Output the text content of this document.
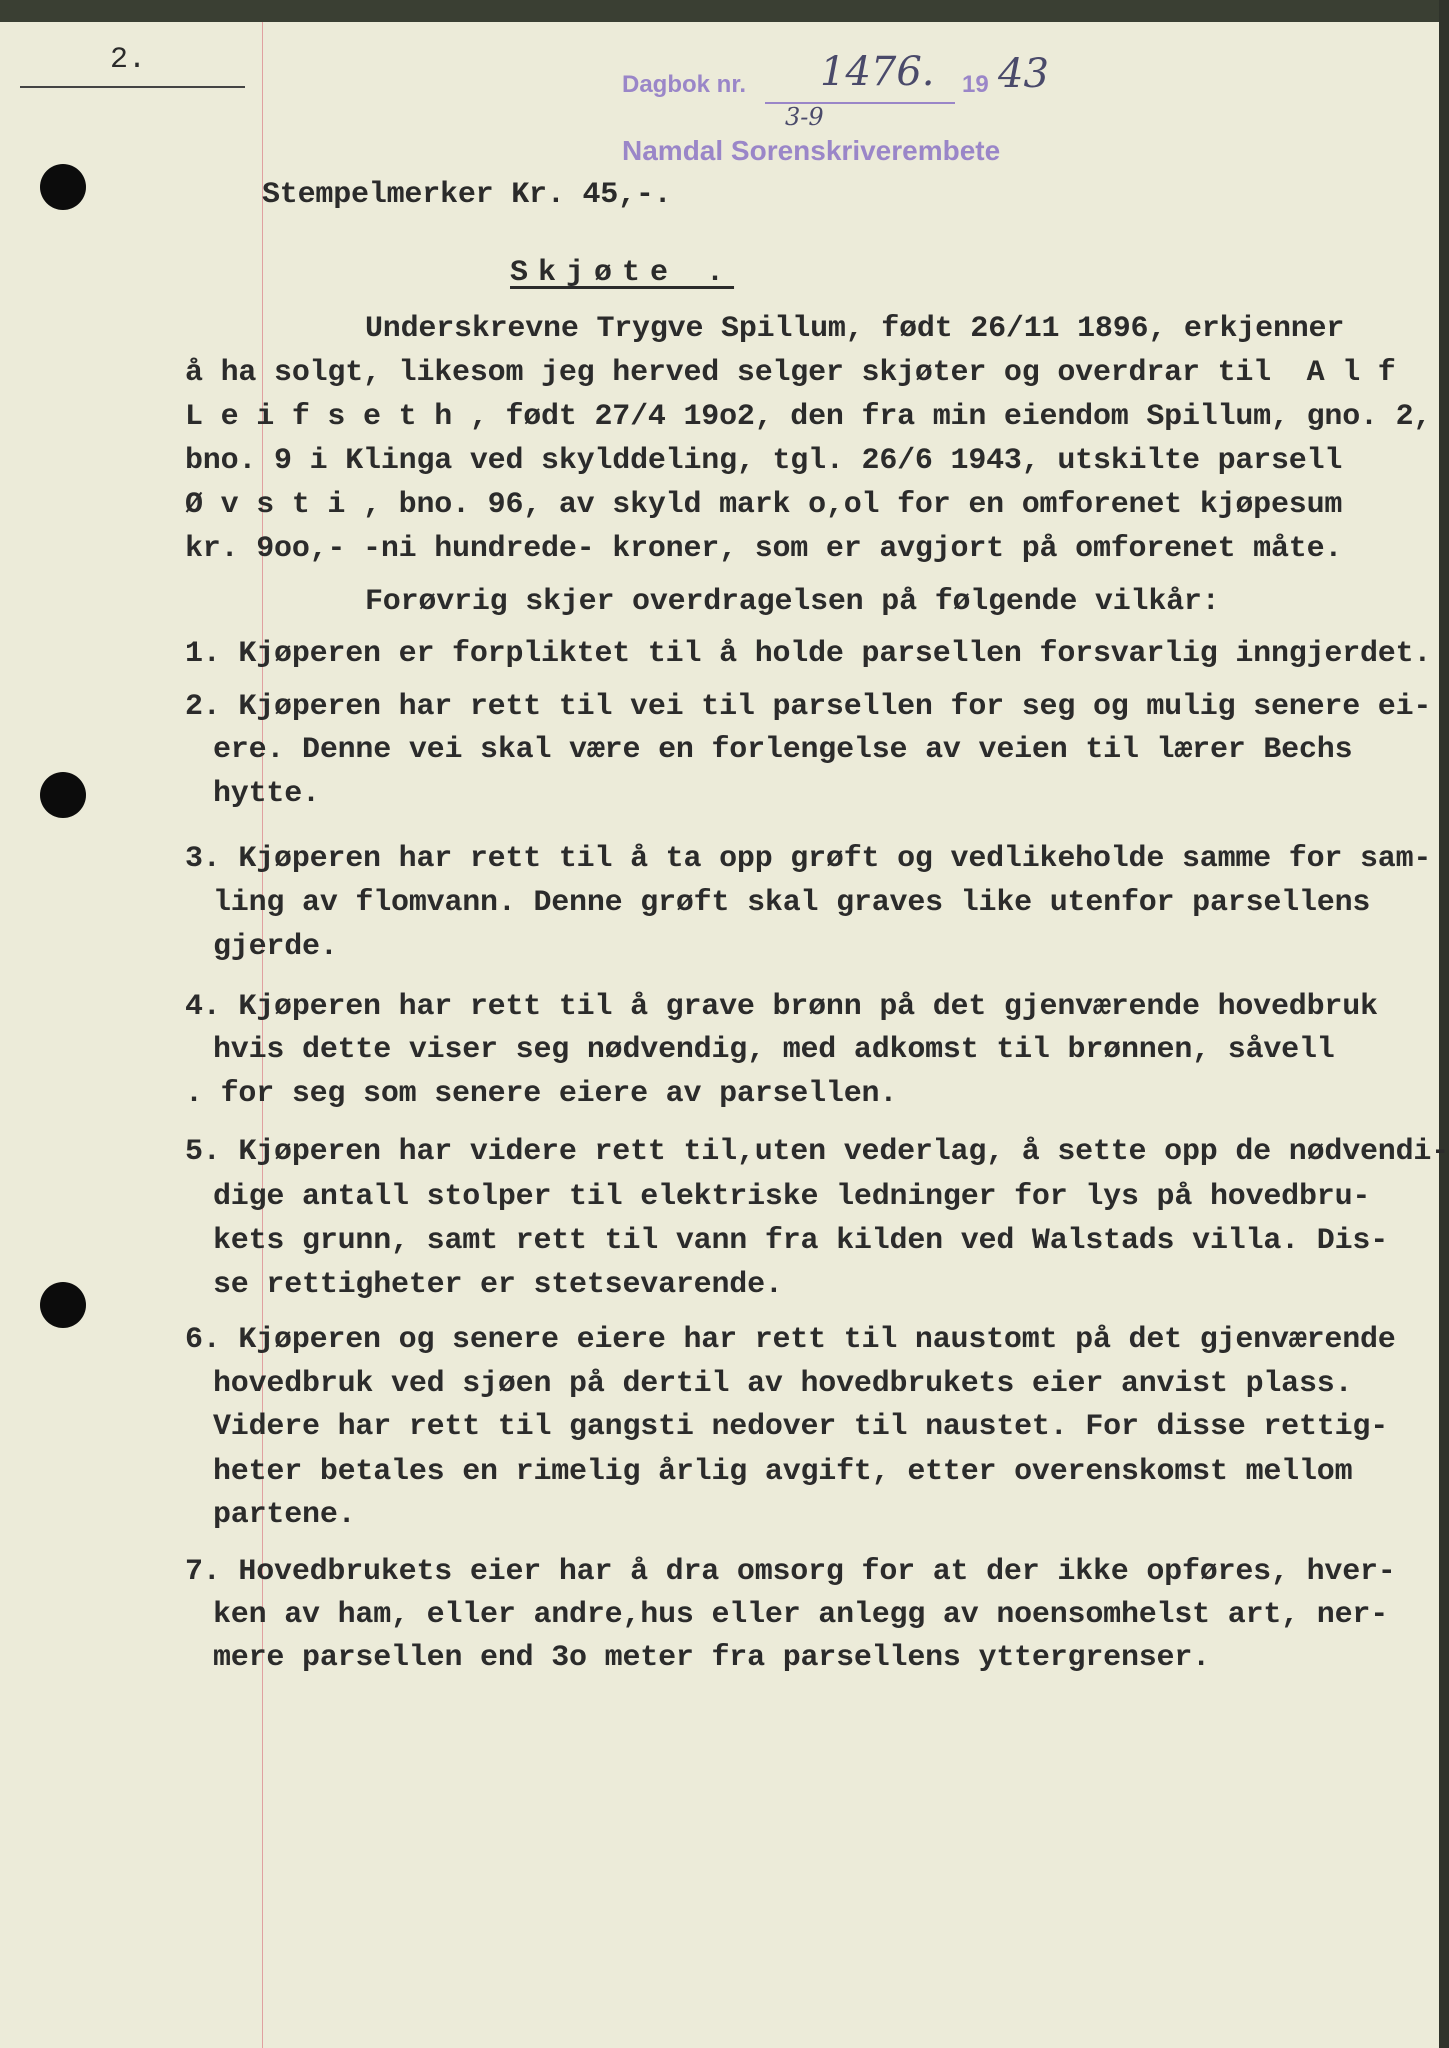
2.
Dagbok nr. 1476. 19 43
3-9
Namdal Sorenskriverembete
Stempelmerker Kr. 45,-.
Skjøte .
Underskrevne Trygve Spillum, født 26/11 1896, erkjenner
å ha solgt, likesom jeg herved selger skjøter og overdrar til  A l f
L e i f s e t h , født 27/4 19o2, den fra min eiendom Spillum, gno. 2,
bno. 9 i Klinga ved skylddeling, tgl. 26/6 1943, utskilte parsell
Ø v s t i , bno. 96, av skyld mark o,ol for en omforenet kjøpesum
kr. 9oo,- -ni hundrede- kroner, som er avgjort på omforenet måte.
Forøvrig skjer overdragelsen på følgende vilkår:
1. Kjøperen er forpliktet til å holde parsellen forsvarlig inngjerdet.
2. Kjøperen har rett til vei til parsellen for seg og mulig senere ei-
ere. Denne vei skal være en forlengelse av veien til lærer Bechs
hytte.
3. Kjøperen har rett til å ta opp grøft og vedlikeholde samme for sam-
ling av flomvann. Denne grøft skal graves like utenfor parsellens
gjerde.
4. Kjøperen har rett til å grave brønn på det gjenværende hovedbruk
hvis dette viser seg nødvendig, med adkomst til brønnen, såvell
. for seg som senere eiere av parsellen.
5. Kjøperen har videre rett til,uten vederlag, å sette opp de nødvendi-
dige antall stolper til elektriske ledninger for lys på hovedbru-
kets grunn, samt rett til vann fra kilden ved Walstads villa. Dis-
se rettigheter er stetsevarende.
6. Kjøperen og senere eiere har rett til naustomt på det gjenværende
hovedbruk ved sjøen på dertil av hovedbrukets eier anvist plass.
Videre har rett til gangsti nedover til naustet. For disse rettig-
heter betales en rimelig årlig avgift, etter overenskomst mellom
partene.
7. Hovedbrukets eier har å dra omsorg for at der ikke opføres, hver-
ken av ham, eller andre,hus eller anlegg av noensomhelst art, ner-
mere parsellen end 3o meter fra parsellens yttergrenser.
